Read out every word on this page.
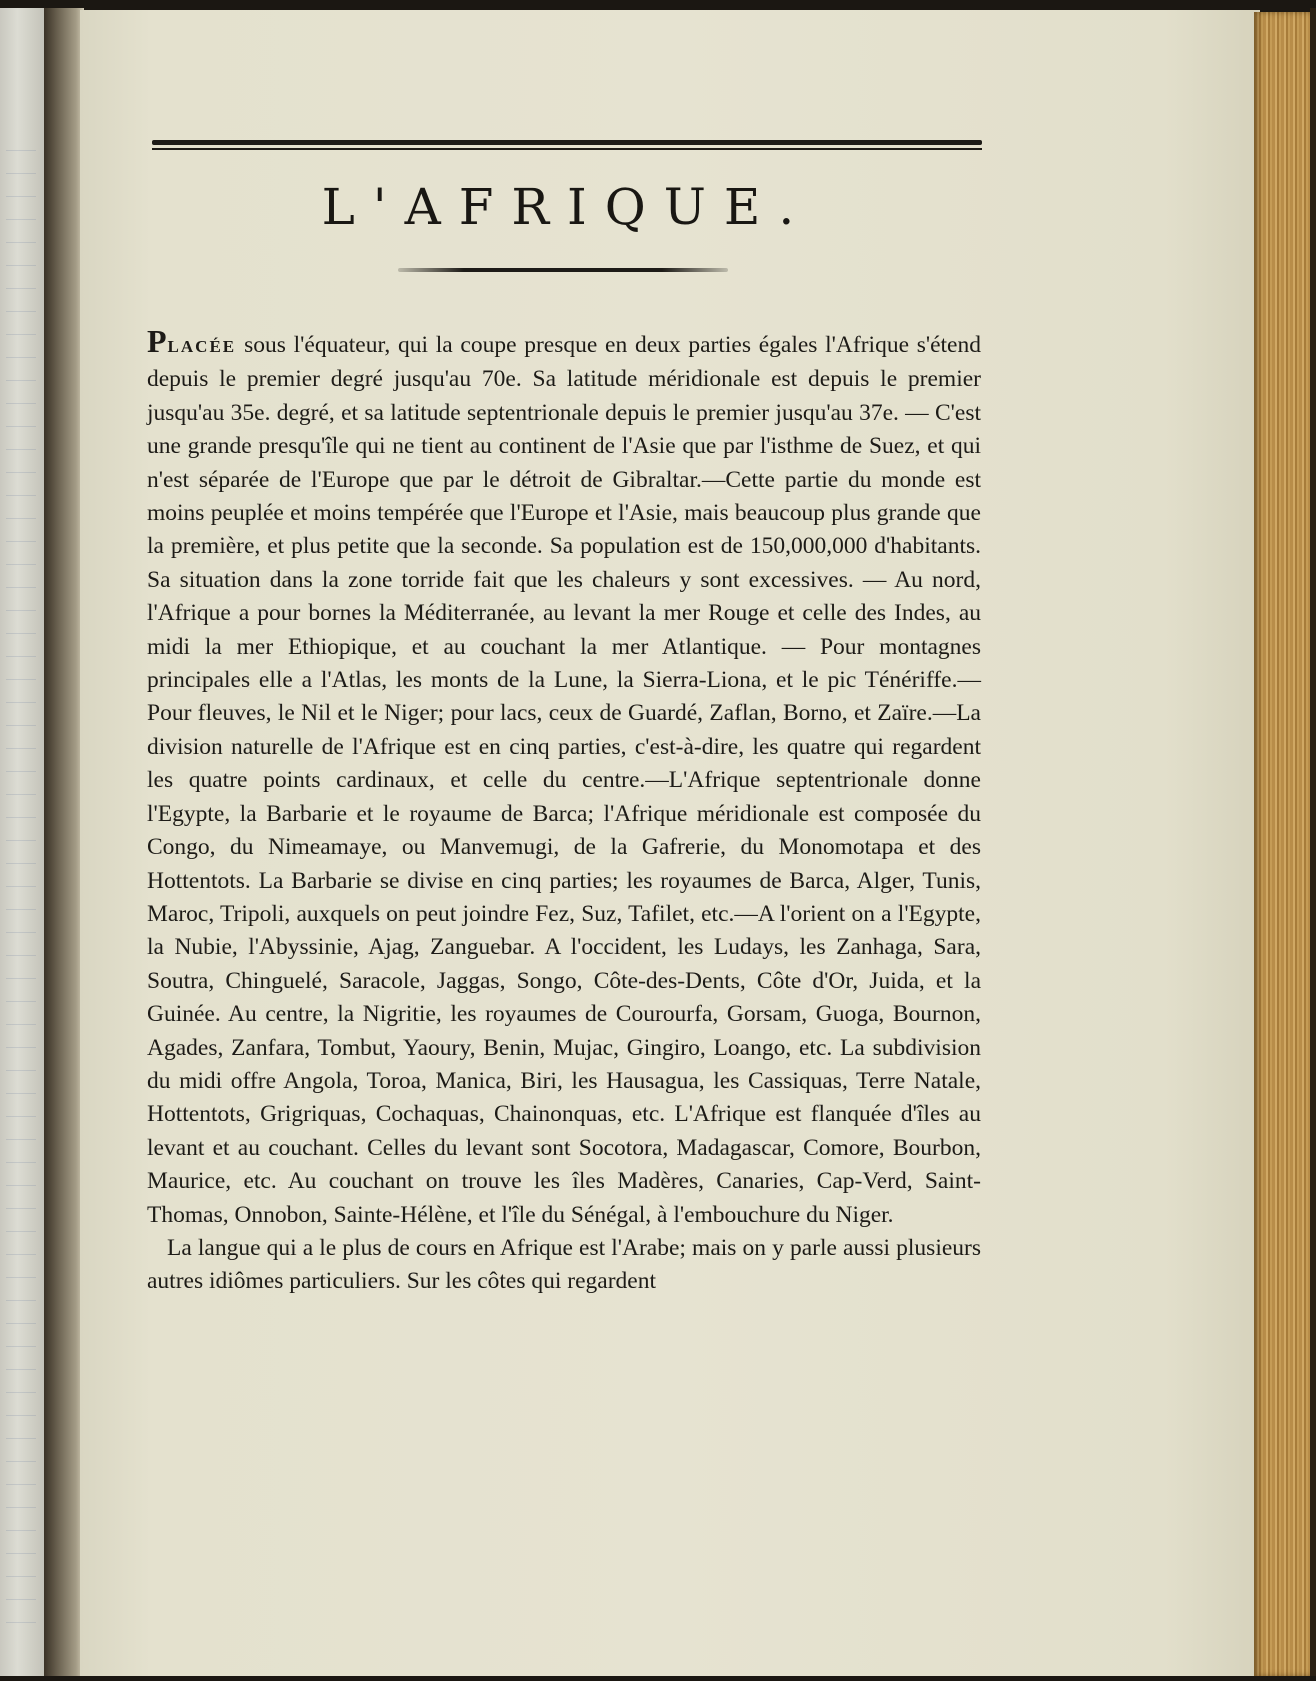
L'AFRIQUE.

PLACÉE sous l'équateur, qui la coupe presque en deux parties égales l'Afrique s'étend depuis le premier degré jusqu'au 70e. Sa latitude méridionale est depuis le premier jusqu'au 35e. degré, et sa latitude septentrionale depuis le premier jusqu'au 37e. — C'est une grande presqu'île qui ne tient au continent de l'Asie que par l'isthme de Suez, et qui n'est séparée de l'Europe que par le détroit de Gibraltar.—Cette partie du monde est moins peuplée et moins tempérée que l'Europe et l'Asie, mais beaucoup plus grande que la première, et plus petite que la seconde. Sa population est de 150,000,000 d'habitants. Sa situation dans la zone torride fait que les chaleurs y sont excessives. — Au nord, l'Afrique a pour bornes la Méditerranée, au levant la mer Rouge et celle des Indes, au midi la mer Ethiopique, et au couchant la mer Atlantique. — Pour montagnes principales elle a l'Atlas, les monts de la Lune, la Sierra-Liona, et le pic Ténériffe.—Pour fleuves, le Nil et le Niger; pour lacs, ceux de Guardé, Zaflan, Borno, et Zaïre.—La division naturelle de l'Afrique est en cinq parties, c'est-à-dire, les quatre qui regardent les quatre points cardinaux, et celle du centre.—L'Afrique septentrionale donne l'Egypte, la Barbarie et le royaume de Barca; l'Afrique méridionale est composée du Congo, du Nimeamaye, ou Manvemugi, de la Gafrerie, du Monomotapa et des Hottentots. La Barbarie se divise en cinq parties; les royaumes de Barca, Alger, Tunis, Maroc, Tripoli, auxquels on peut joindre Fez, Suz, Tafilet, etc.—A l'orient on a l'Egypte, la Nubie, l'Abyssinie, Ajag, Zanguebar. A l'occident, les Ludays, les Zanhaga, Sara, Soutra, Chinguelé, Saracole, Jaggas, Songo, Côte-des-Dents, Côte d'Or, Juida, et la Guinée. Au centre, la Nigritie, les royaumes de Courourfa, Gorsam, Guoga, Bournon, Agades, Zanfara, Tombut, Yaoury, Benin, Mujac, Gingiro, Loango, etc. La subdivision du midi offre Angola, Toroa, Manica, Biri, les Hausagua, les Cassiquas, Terre Natale, Hottentots, Grigriquas, Cochaquas, Chainonquas, etc. L'Afrique est flanquée d'îles au levant et au couchant. Celles du levant sont Socotora, Madagascar, Comore, Bourbon, Maurice, etc. Au couchant on trouve les îles Madères, Canaries, Cap-Verd, Saint-Thomas, Onnobon, Sainte-Hélène, et l'île du Sénégal, à l'embouchure du Niger.

La langue qui a le plus de cours en Afrique est l'Arabe; mais on y parle aussi plusieurs autres idiômes particuliers. Sur les côtes qui regardent
